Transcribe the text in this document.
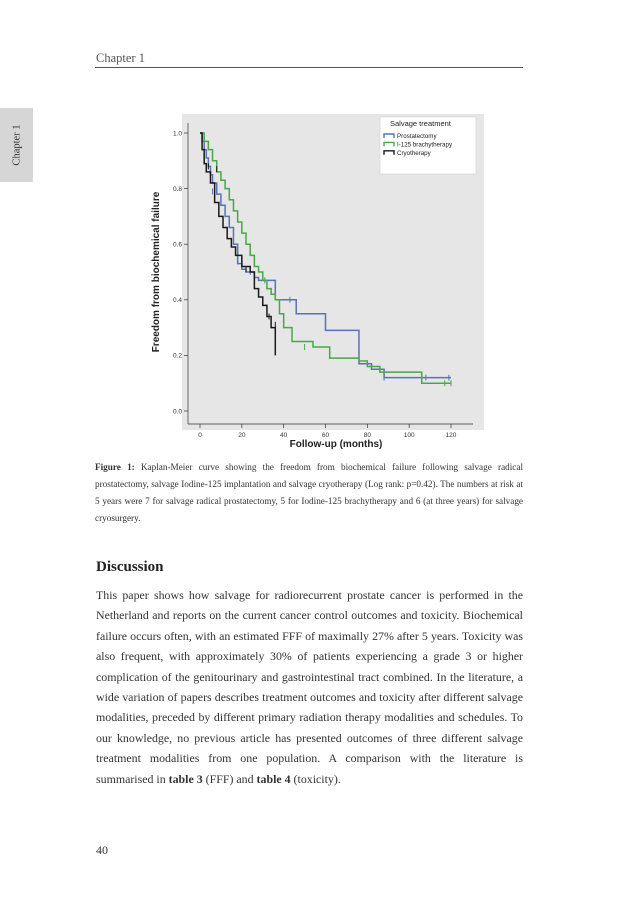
Chapter 1
Chapter 1
0	20	40	60	80	100	120
0.0
0.2
0.4
0.6
0.8
1.0
Salvage treatment
Prostatectomy
I-125 brachytherapy
Cryotherapy
Freedom from biochemical failure
Follow-up (months)
Figure 1: Kaplan-Meier curve showing the freedom from biochemical failure following salvage radical prostatectomy, salvage Iodine-125 implantation and salvage cryotherapy (Log rank: p=0.42). The numbers at risk at 5 years were 7 for salvage radical prostatectomy, 5 for Iodine-125 brachytherapy and 6 (at three years) for salvage cryosurgery.
Discussion

This paper shows how salvage for radiorecurrent prostate cancer is performed in the Netherland and reports on the current cancer control outcomes and toxicity. Biochemical failure occurs often, with an estimated FFF of maximally 27% after 5 years. Toxicity was also frequent, with approximately 30% of patients experiencing a grade 3 or higher complication of the genitourinary and gastrointestinal tract combined. In the literature, a wide variation of papers describes treatment outcomes and toxicity after different salvage modalities, preceded by different primary radiation therapy modalities and schedules. To our knowledge, no previous article has presented outcomes of three different salvage treatment modalities from one population. A comparison with the literature is summarised in table 3 (FFF) and table 4 (toxicity).

40
